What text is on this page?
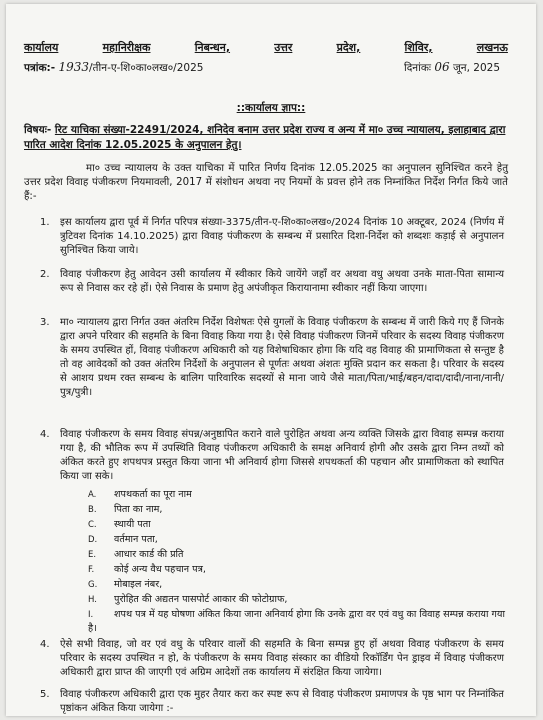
कार्यालय	महानिरीक्षक	निबन्धन,	उत्तर	प्रदेश,	शिविर,	लखनऊ
पत्रांक:- 1933/तीन-ए-शि०का०लख०/2025	दिनांकः 06 जून, 2025
::कार्यालय ज्ञाप::
विषयः- रिट याचिका संख्या-22491/2024, शनिदेव बनाम उत्तर प्रदेश राज्य व अन्य में मा० उच्च न्यायालय, इलाहाबाद द्वारा पारित आदेश दिनांक 12.05.2025 के अनुपालन हेतु।
मा० उच्च न्यायालय के उक्त याचिका में पारित निर्णय दिनांक 12.05.2025 का अनुपालन सुनिश्चित करने हेतु उत्तर प्रदेश विवाह पंजीकरण नियमावली, 2017 में संशोधन अथवा नए नियमों के प्रवत्त होने तक निम्नांकित निर्देश निर्गत किये जाते हैं:-
1. इस कार्यालय द्वारा पूर्व में निर्गत परिपत्र संख्या-3375/तीन-ए-शि०का०लख०/2024 दिनांक 10 अक्टूबर, 2024 (निर्णय में त्रुटिवश दिनांक 14.10.2025) द्वारा विवाह पंजीकरण के सम्बन्ध में प्रसारित दिशा-निर्देश को शब्दशः कड़ाई से अनुपालन सुनिश्चित किया जाये।
2. विवाह पंजीकरण हेतु आवेदन उसी कार्यालय में स्वीकार किये जायेंगे जहाँ वर अथवा वधु अथवा उनके माता-पिता सामान्य रूप से निवास कर रहे हों। ऐसे निवास के प्रमाण हेतु अपंजीकृत किरायानामा स्वीकार नहीं किया जाएगा।
3. मा० न्यायालय द्वारा निर्गत उक्त अंतरिम निर्देश विशेषतः ऐसे युगलों के विवाह पंजीकरण के सम्बन्ध में जारी किये गए हैं जिनके द्वारा अपने परिवार की सहमति के बिना विवाह किया गया है। ऐसे विवाह पंजीकरण जिनमें परिवार के सदस्य विवाह पंजीकरण के समय उपस्थित हों, विवाह पंजीकरण अधिकारी को यह विशेषाधिकार होगा कि यदि वह विवाह की प्रामाणिकता से सन्तुष्ट है तो वह आवेदकों को उक्त अंतरिम निर्देशों के अनुपालन से पूर्णतः अथवा अंशतः मुक्ति प्रदान कर सकता है। परिवार के सदस्य से आशय प्रथम रक्त सम्बन्ध के बालिग पारिवारिक सदस्यों से माना जाये जैसे माता/पिता/भाई/बहन/दादा/दादी/नाना/नानी/पुत्र/पुत्री।
4. विवाह पंजीकरण के समय विवाह संपन्न/अनुष्ठापित कराने वाले पुरोहित अथवा अन्य व्यक्ति जिसके द्वारा विवाह सम्पन्न कराया गया है, की भौतिक रूप में उपस्थिति विवाह पंजीकरण अधिकारी के समक्ष अनिवार्य होगी और उसके द्वारा निम्न तथ्यों को अंकित करते हुए शपथपत्र प्रस्तुत किया जाना भी अनिवार्य होगा जिससे शपथकर्ता की पहचान और प्रामाणिकता को स्थापित किया जा सके।
A. शपथकर्ता का पूरा नाम
B. पिता का नाम,
C. स्थायी पता
D. वर्तमान पता,
E. आधार कार्ड की प्रति
F. कोई अन्य वैध पहचान पत्र,
G. मोबाइल नंबर,
H. पुरोहित की अद्यतन पासपोर्ट आकार की फोटोग्राफ,
I. शपथ पत्र में यह घोषणा अंकित किया जाना अनिवार्य होगा कि उनके द्वारा वर एवं वधु का विवाह सम्पन्न कराया गया है।
4. ऐसे सभी विवाह, जो वर एवं वधु के परिवार वालों की सहमति के बिना सम्पन्न हुए हों अथवा विवाह पंजीकरण के समय परिवार के सदस्य उपस्थित न हो, के पंजीकरण के समय विवाह संस्कार का वीडियो रिकॉर्डिंग पेन ड्राइव में विवाह पंजीकरण अधिकारी द्वारा प्राप्त की जाएगी एवं अग्रिम आदेशों तक कार्यालय में संरक्षित किया जायेगा।
5. विवाह पंजीकरण अधिकारी द्वारा एक मुहर तैयार करा कर स्पष्ट रूप से विवाह पंजीकरण प्रमाणपत्र के पृष्ठ भाग पर निम्नांकित पृष्ठांकन अंकित किया जायेगा :-
